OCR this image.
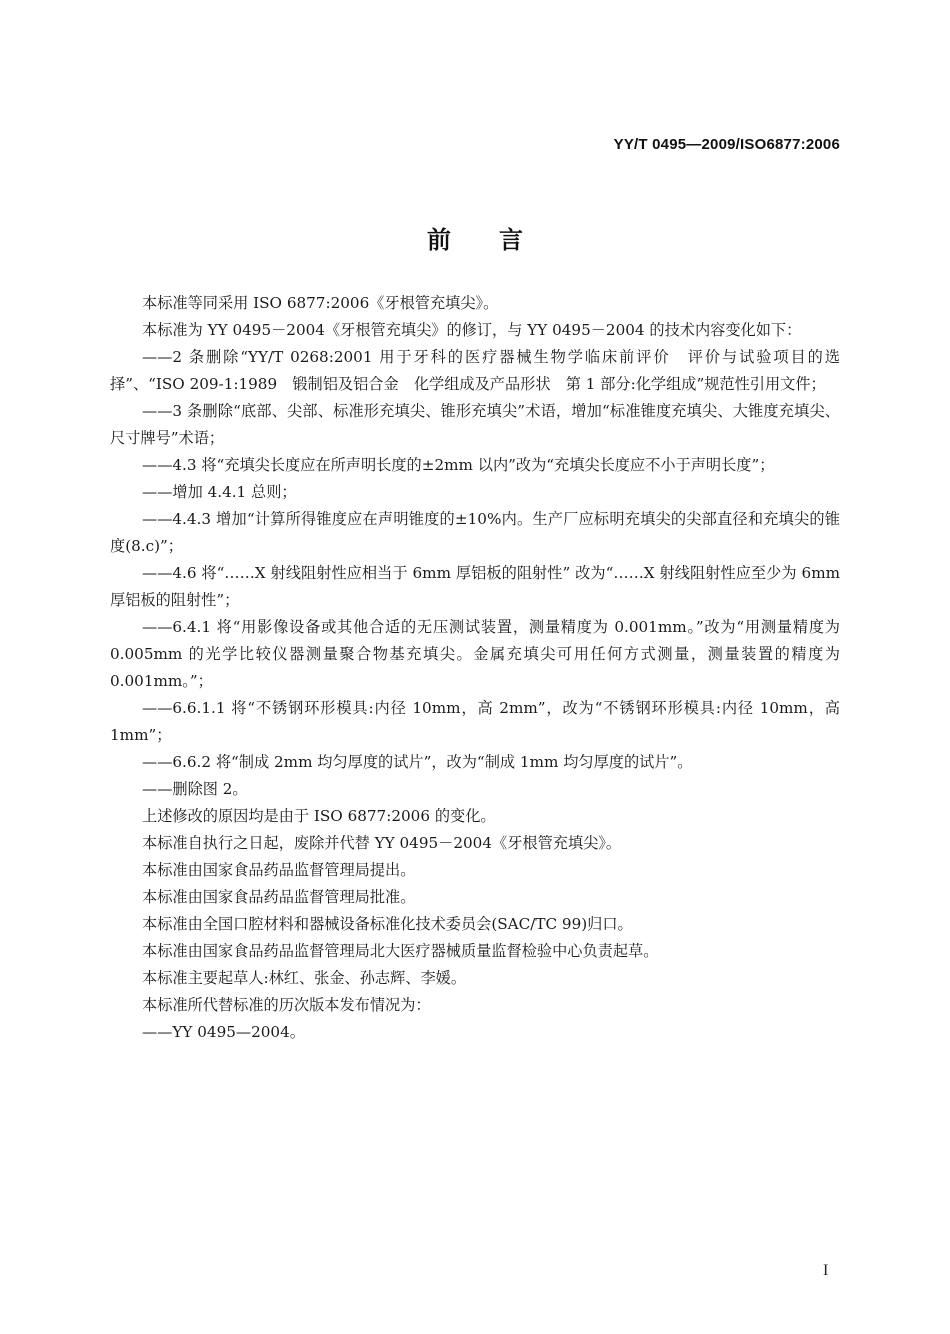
YY/T 0495—2009/ISO6877:2006
前言

本标准等同采用 ISO 6877:2006《牙根管充填尖》。

本标准为 YY 0495－2004《牙根管充填尖》的修订，与 YY 0495－2004 的技术内容变化如下：

——2 条删除“YY/T 0268:2001 用于牙科的医疗器械生物学临床前评价　评价与试验项目的选择”、“ISO 209-1:1989　锻制铝及铝合金　化学组成及产品形状　第 1 部分:化学组成”规范性引用文件；

——3 条删除“底部、尖部、标准形充填尖、锥形充填尖”术语，增加“标准锥度充填尖、大锥度充填尖、尺寸牌号”术语；

——4.3 将“充填尖长度应在所声明长度的±2mm 以内”改为“充填尖长度应不小于声明长度”；

——增加 4.4.1 总则；

——4.4.3 增加“计算所得锥度应在声明锥度的±10%内。生产厂应标明充填尖的尖部直径和充填尖的锥度(8.c)”；

——4.6 将“……X 射线阻射性应相当于 6mm 厚铝板的阻射性” 改为“……X 射线阻射性应至少为 6mm 厚铝板的阻射性”；

——6.4.1 将“用影像设备或其他合适的无压测试装置，测量精度为 0.001mm。”改为“用测量精度为 0.005mm 的光学比较仪器测量聚合物基充填尖。金属充填尖可用任何方式测量，测量装置的精度为 0.001mm。”；

——6.6.1.1 将“不锈钢环形模具:内径 10mm，高 2mm”，改为“不锈钢环形模具:内径 10mm，高 1mm”；

——6.6.2 将“制成 2mm 均匀厚度的试片”，改为“制成 1mm 均匀厚度的试片”。

——删除图 2。

上述修改的原因均是由于 ISO 6877:2006 的变化。

本标准自执行之日起，废除并代替 YY 0495－2004《牙根管充填尖》。

本标准由国家食品药品监督管理局提出。

本标准由国家食品药品监督管理局批准。

本标准由全国口腔材料和器械设备标准化技术委员会(SAC/TC 99)归口。

本标准由国家食品药品监督管理局北大医疗器械质量监督检验中心负责起草。

本标准主要起草人:林红、张金、孙志辉、李媛。

本标准所代替标准的历次版本发布情况为：

——YY 0495—2004。

I
